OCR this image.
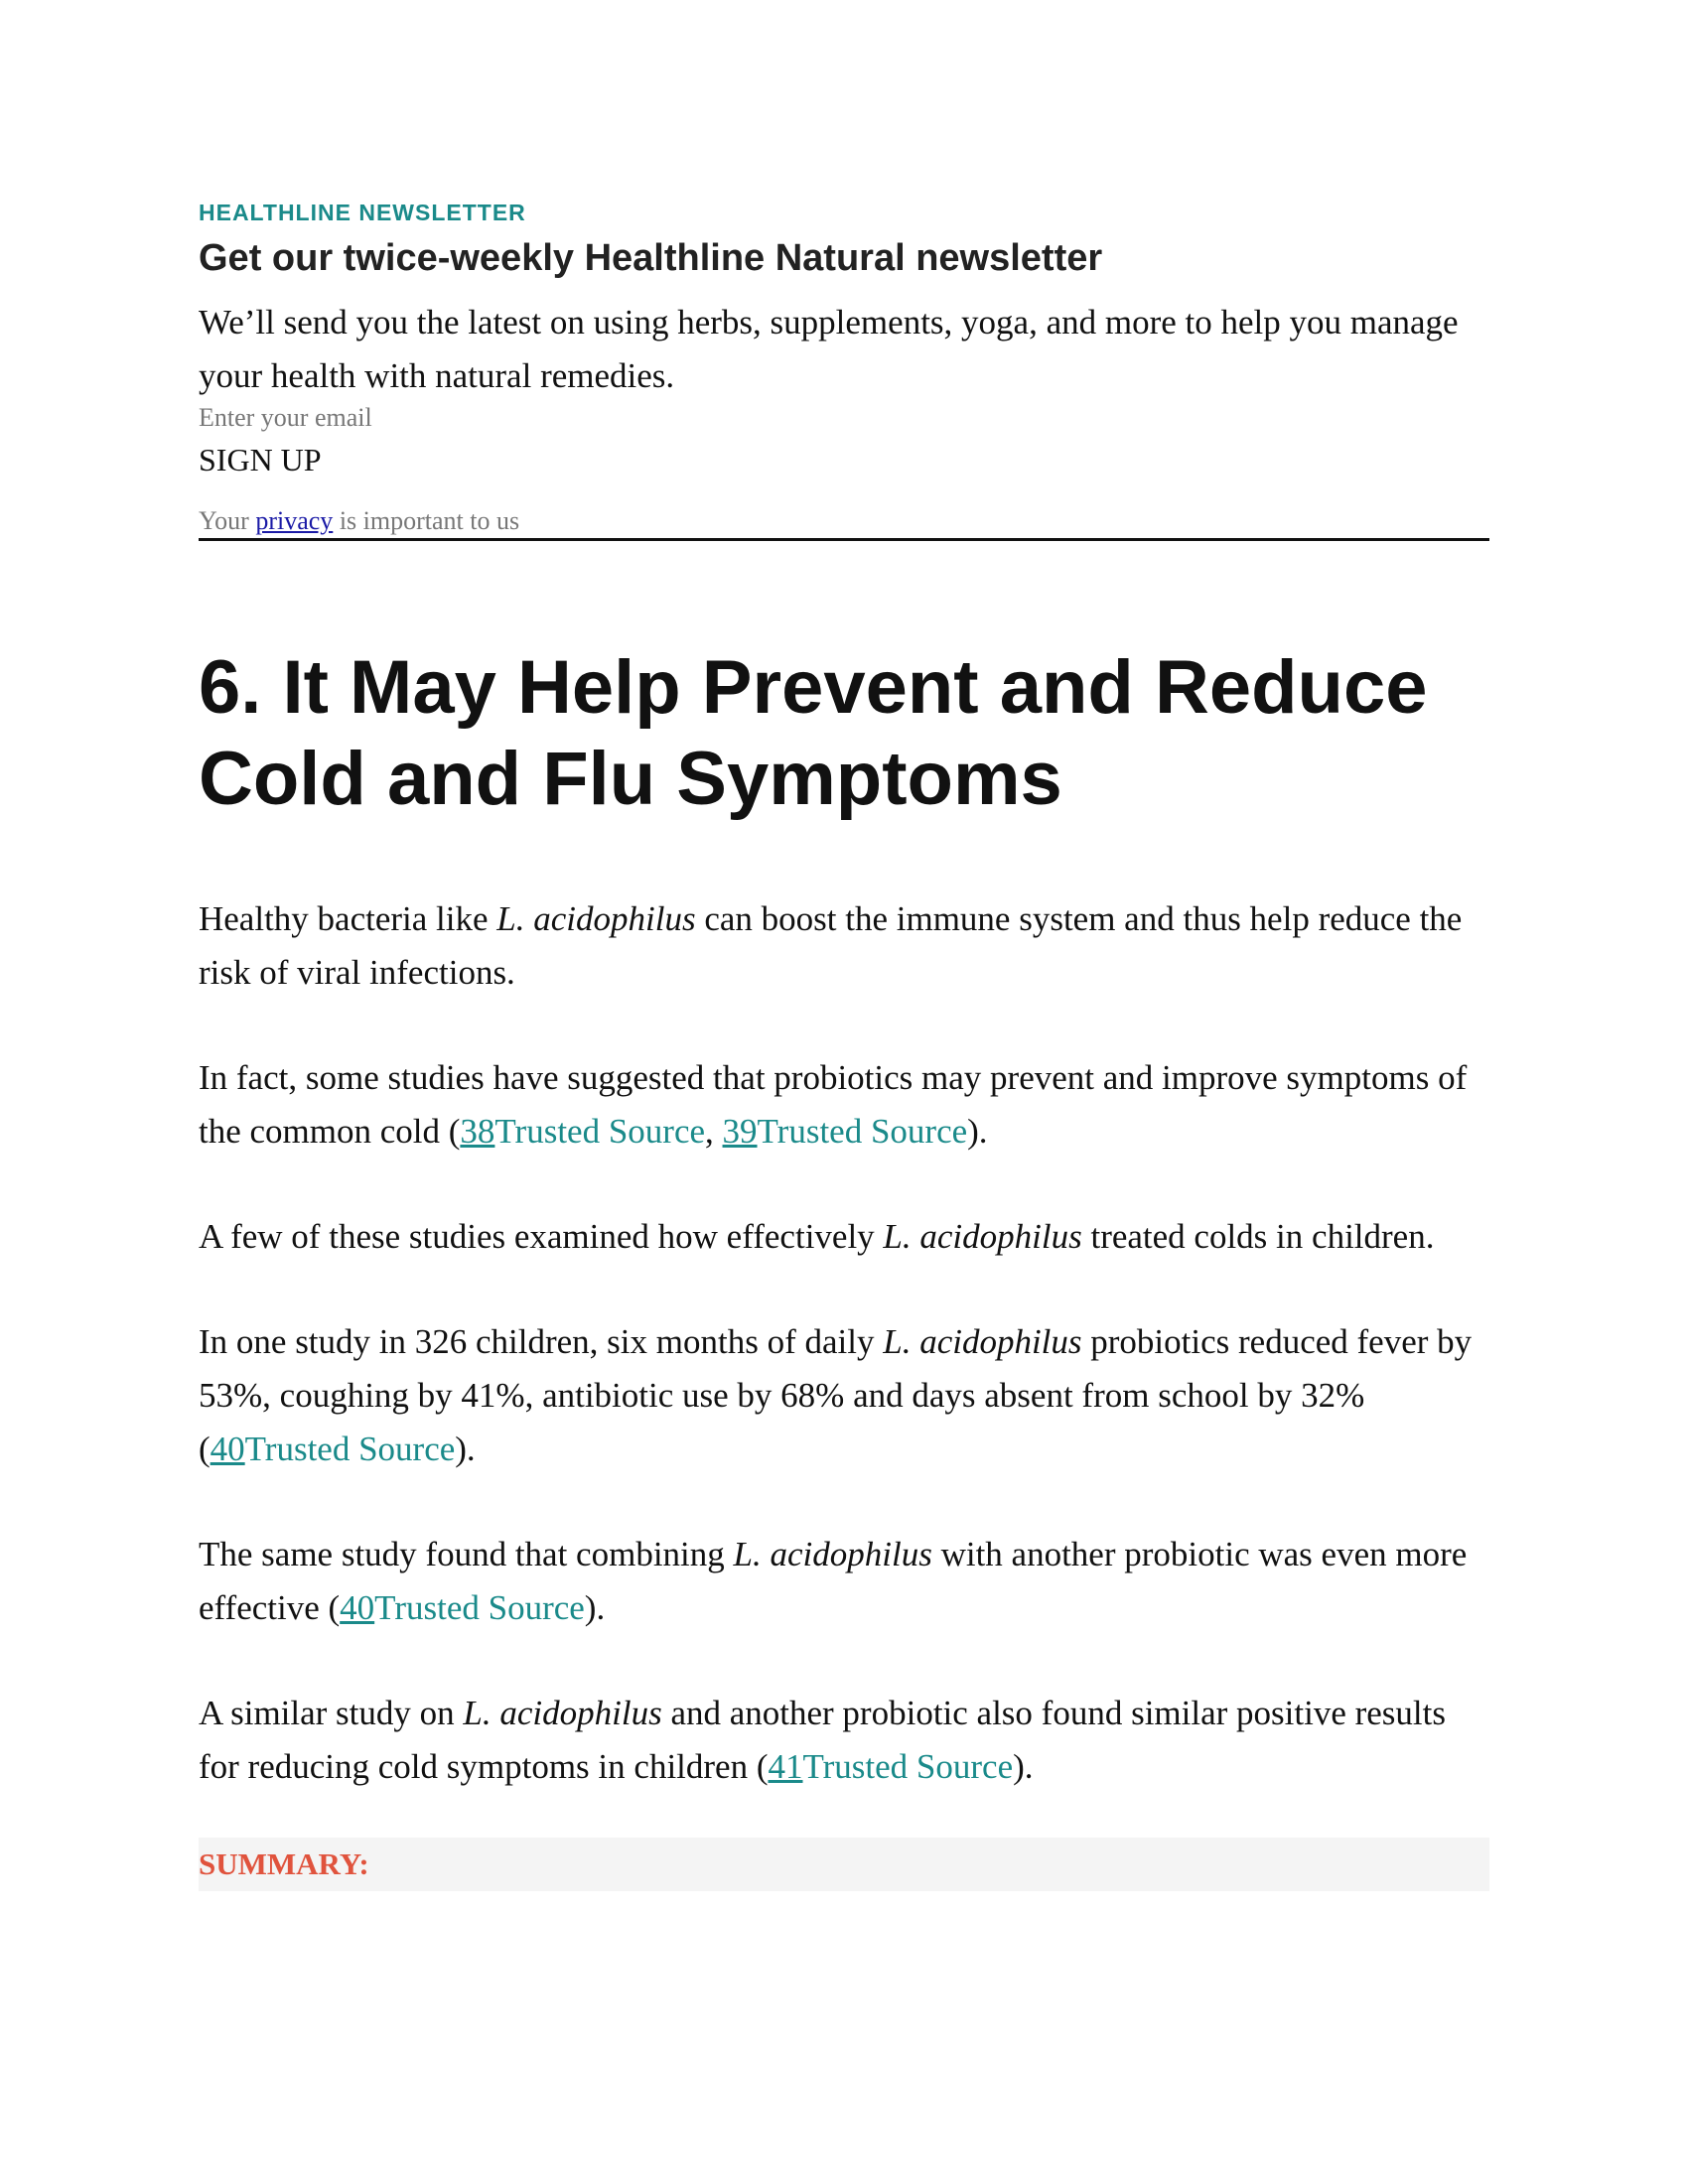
HEALTHLINE NEWSLETTER

Get our twice-weekly Healthline Natural newsletter

We’ll send you the latest on using herbs, supplements, yoga, and more to help you manage your health with natural remedies.

Enter your email
SIGN UP

Your privacy is important to us

6. It May Help Prevent and Reduce Cold and Flu Symptoms

Healthy bacteria like L. acidophilus can boost the immune system and thus help reduce the risk of viral infections.

In fact, some studies have suggested that probiotics may prevent and improve symptoms of the common cold (38Trusted Source, 39Trusted Source).

A few of these studies examined how effectively L. acidophilus treated colds in children.

In one study in 326 children, six months of daily L. acidophilus probiotics reduced fever by 53%, coughing by 41%, antibiotic use by 68% and days absent from school by 32% (40Trusted Source).

The same study found that combining L. acidophilus with another probiotic was even more effective (40Trusted Source).

A similar study on L. acidophilus and another probiotic also found similar positive results for reducing cold symptoms in children (41Trusted Source).

SUMMARY:
